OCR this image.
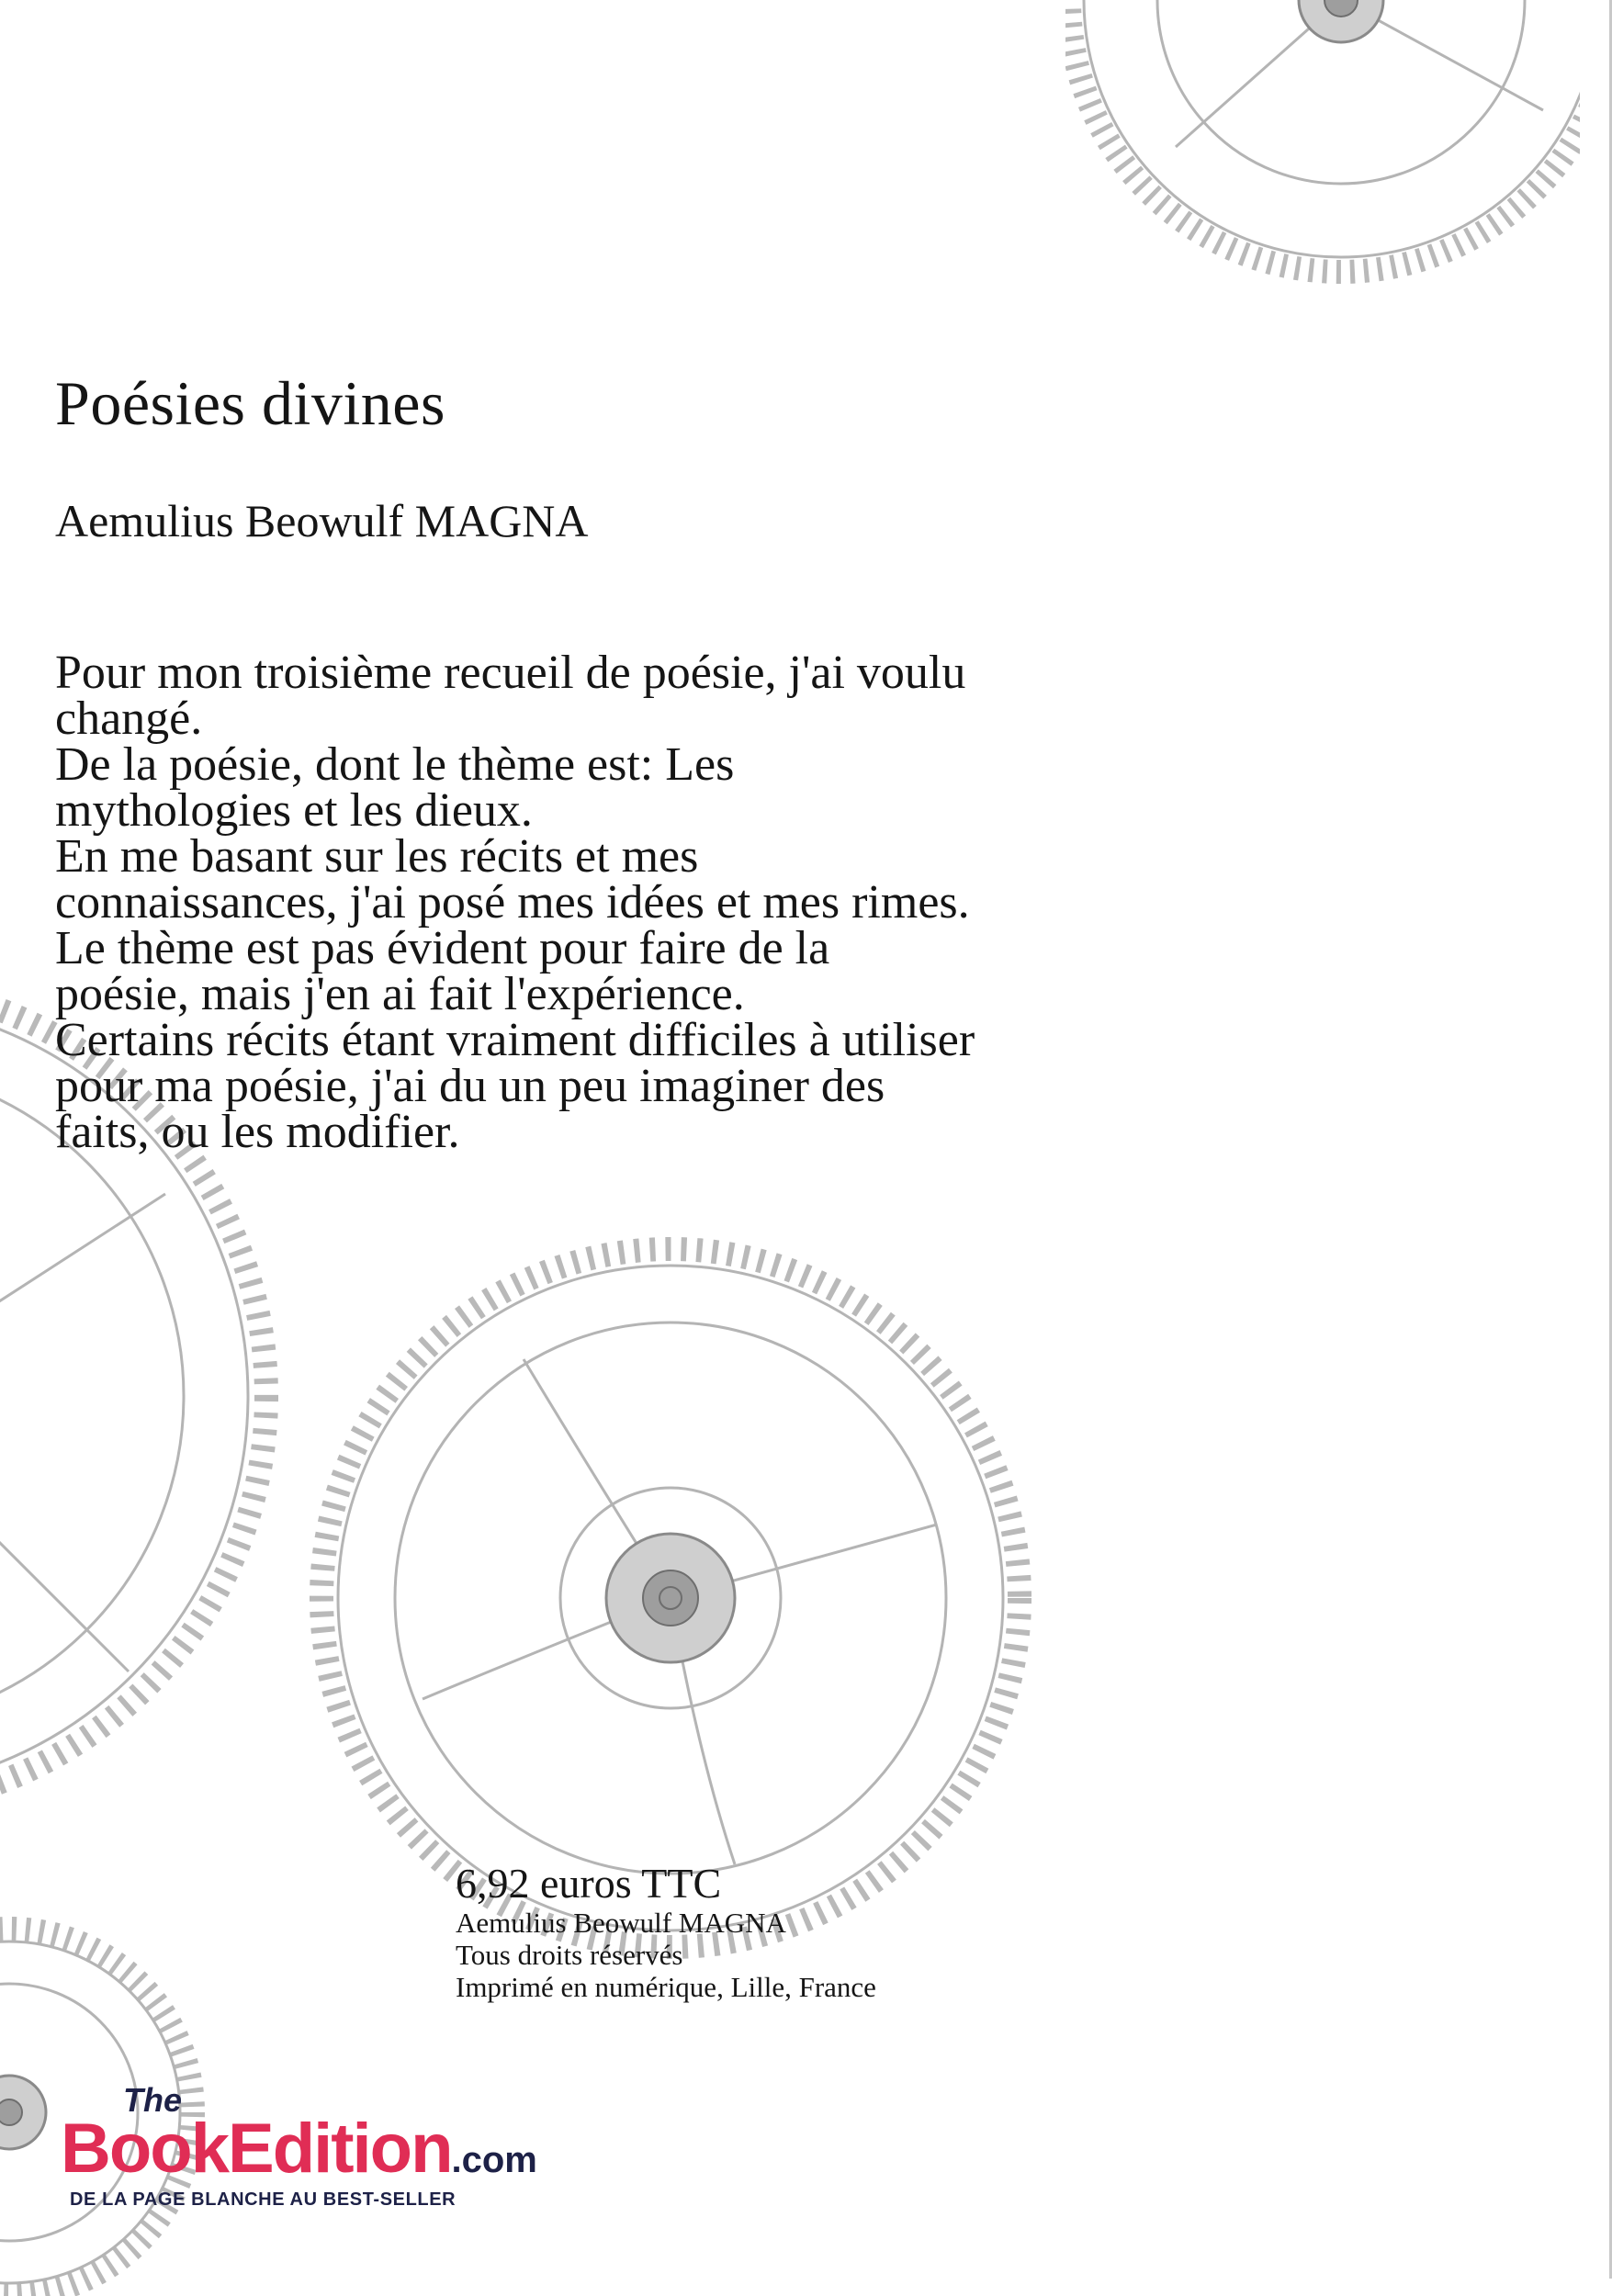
Poésies divines
Aemulius Beowulf MAGNA
Pour mon troisième recueil de poésie, j'ai voulu
changé.
De la poésie, dont le thème est: Les
mythologies et les dieux.
En me basant sur les récits et mes
connaissances, j'ai posé mes idées et mes rimes.
Le thème est pas évident pour faire de la
poésie, mais j'en ai fait l'expérience.
Certains récits étant vraiment difficiles à utiliser
pour ma poésie, j'ai du un peu imaginer des
faits, ou les modifier.
6,92 euros TTC
Aemulius Beowulf MAGNA
Tous droits réservés
Imprimé en numérique, Lille, France
The
BookEdition.com
DE LA PAGE BLANCHE AU BEST-SELLER
